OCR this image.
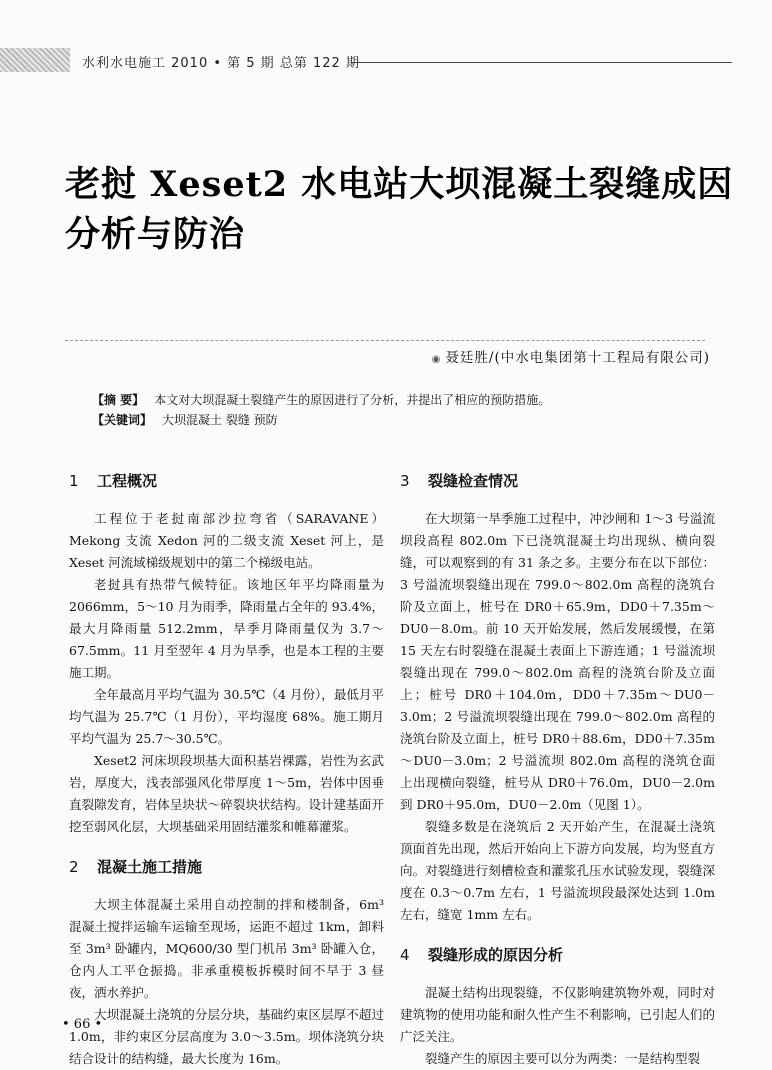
水利水电施工 2010 • 第 5 期 总第 122 期
老挝 Xeset2 水电站大坝混凝土裂缝成因
分析与防治
◉ 聂廷胜/(中水电集团第十工程局有限公司)
【摘 要】 本文对大坝混凝土裂缝产生的原因进行了分析，并提出了相应的预防措施。
【关键词】 大坝混凝土 裂缝 预防
1 工程概况

工程位于老挝南部沙拉弯省（SARAVANE）Mekong 支流 Xedon 河的二级支流 Xeset 河上，是 Xeset 河流域梯级规划中的第二个梯级电站。

老挝具有热带气候特征。该地区年平均降雨量为 2066mm，5～10 月为雨季，降雨量占全年的 93.4%，最大月降雨量 512.2mm，旱季月降雨量仅为 3.7～67.5mm。11 月至翌年 4 月为旱季，也是本工程的主要施工期。

全年最高月平均气温为 30.5℃（4 月份），最低月平均气温为 25.7℃（1 月份），平均湿度 68%。施工期月平均气温为 25.7～30.5℃。

Xeset2 河床坝段坝基大面积基岩裸露，岩性为玄武岩，厚度大，浅表部强风化带厚度 1～5m，岩体中因垂直裂隙发育，岩体呈块状～碎裂块状结构。设计建基面开挖至弱风化层，大坝基础采用固结灌浆和帷幕灌浆。

2 混凝土施工措施

大坝主体混凝土采用自动控制的拌和楼制备，6m³ 混凝土搅拌运输车运输至现场，运距不超过 1km，卸料至 3m³ 卧罐内，MQ600/30 型门机吊 3m³ 卧罐入仓，仓内人工平仓振捣。非承重模板拆模时间不早于 3 昼夜，洒水养护。

大坝混凝土浇筑的分层分块，基础约束区层厚不超过 1.0m，非约束区分层高度为 3.0～3.5m。坝体浇筑分块结合设计的结构缝，最大长度为 16m。

3 裂缝检查情况

在大坝第一旱季施工过程中，冲沙闸和 1～3 号溢流坝段高程 802.0m 下已浇筑混凝土均出现纵、横向裂缝，可以观察到的有 31 条之多。主要分布在以下部位：3 号溢流坝裂缝出现在 799.0～802.0m 高程的浇筑台阶及立面上，桩号在 DR0＋65.9m，DD0＋7.35m～DU0－8.0m。前 10 天开始发展，然后发展缓慢，在第 15 天左右时裂缝在混凝土表面上下游连通；1 号溢流坝裂缝出现在 799.0～802.0m 高程的浇筑台阶及立面上；桩号 DR0＋104.0m，DD0＋7.35m～DU0－3.0m；2 号溢流坝裂缝出现在 799.0～802.0m 高程的浇筑台阶及立面上，桩号 DR0＋88.6m，DD0＋7.35m～DU0－3.0m；2 号溢流坝 802.0m 高程的浇筑仓面上出现横向裂缝，桩号从 DR0＋76.0m，DU0－2.0m 到 DR0＋95.0m，DU0－2.0m（见图 1）。

裂缝多数是在浇筑后 2 天开始产生，在混凝土浇筑顶面首先出现，然后开始向上下游方向发展，均为竖直方向。对裂缝进行刻槽检查和灌浆孔压水试验发现，裂缝深度在 0.3～0.7m 左右，1 号溢流坝段最深处达到 1.0m 左右，缝宽 1mm 左右。

4 裂缝形成的原因分析

混凝土结构出现裂缝，不仅影响建筑物外观，同时对建筑物的使用功能和耐久性产生不利影响，已引起人们的广泛关注。

裂缝产生的原因主要可以分为两类：一是结构型裂

• 66 •
